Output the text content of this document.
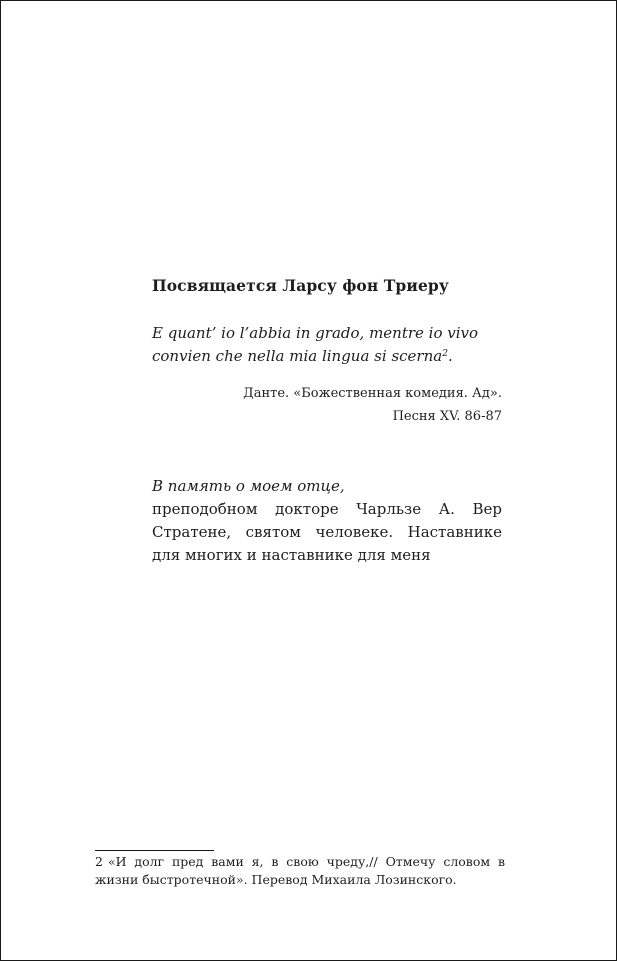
Посвящается Ларсу фон Триеру
E quant’ io l’abbia in grado, mentre io vivo
convien che nella mia lingua si scerna$^2$.
Данте. «Божественная комедия. Ад».
Песня XV. 86-87
В память о моем отце,
преподобном докторе Чарльзе А. Вер Стратене, святом человеке. Наставнике для многих и наставнике для меня
2 «И долг пред вами я, в свою чреду,// Отмечу словом в жизни быстротечной». Перевод Михаила Лозинского.
